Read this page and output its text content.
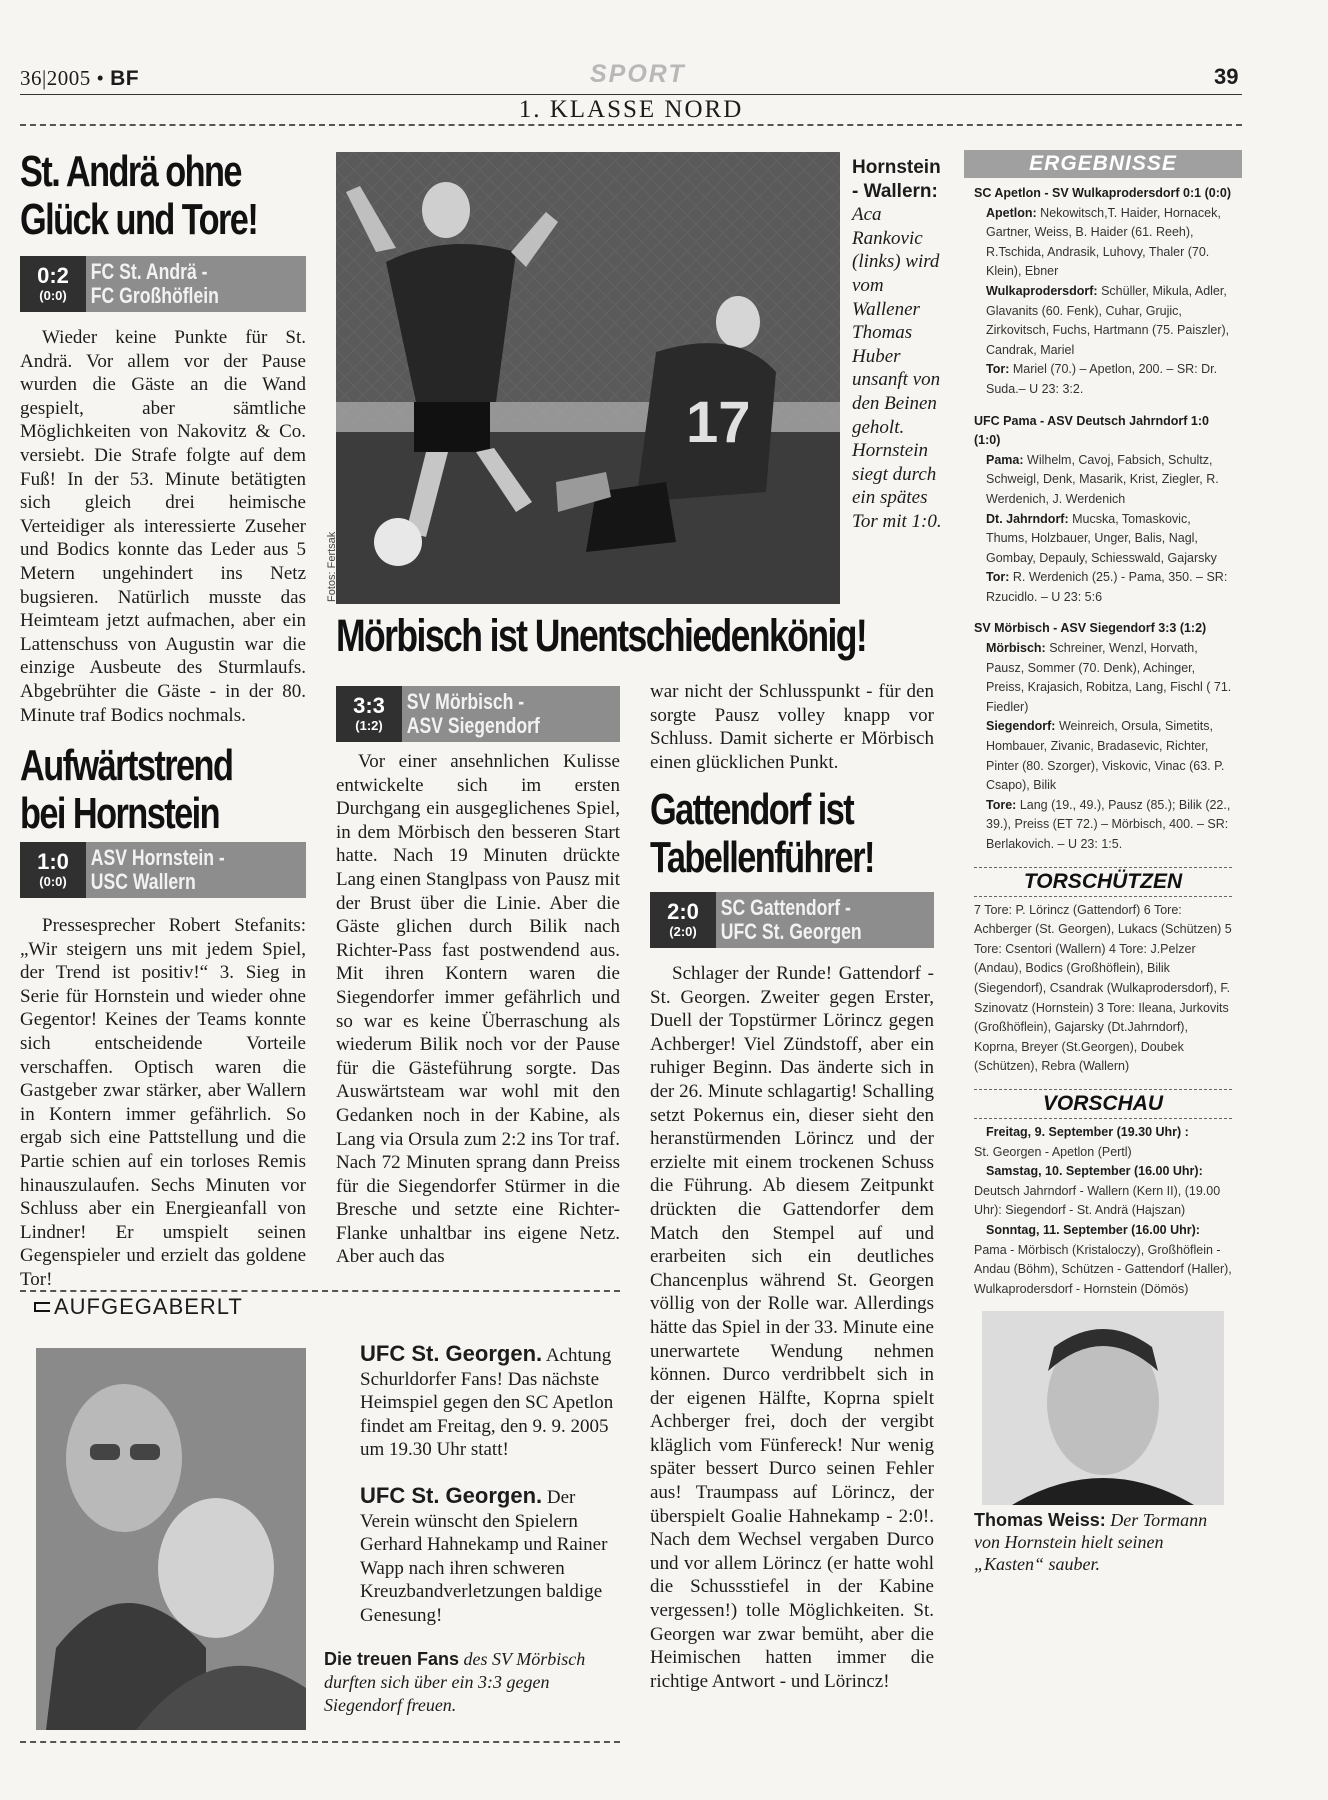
36|2005 • BF	SPORT	39
1. KLASSE NORD
St. Andrä ohne
Glück und Tore!
0:2
(0:0)
FC St. Andrä -
FC Großhöflein
Wieder keine Punkte für St. Andrä. Vor allem vor der Pause wurden die Gäste an die Wand gespielt, aber sämtliche Möglichkeiten von Nakovitz & Co. versiebt. Die Strafe folgte auf dem Fuß! In der 53. Minute betätigten sich gleich drei heimische Verteidiger als interessierte Zuseher und Bodics konnte das Leder aus 5 Metern ungehindert ins Netz bugsieren. Natürlich musste das Heimteam jetzt aufmachen, aber ein Lattenschuss von Augustin war die einzige Ausbeute des Sturmlaufs. Abgebrühter die Gäste - in der 80. Minute traf Bodics nochmals.
Aufwärtstrend
bei Hornstein
1:0
(0:0)
ASV Hornstein -
USC Wallern
Pressesprecher Robert Stefanits: „Wir steigern uns mit jedem Spiel, der Trend ist positiv!“ 3. Sieg in Serie für Hornstein und wieder ohne Gegentor! Keines der Teams konnte sich entscheidende Vorteile verschaffen. Optisch waren die Gastgeber zwar stärker, aber Wallern in Kontern immer gefährlich. So ergab sich eine Pattstellung und die Partie schien auf ein torloses Remis hinauszulaufen. Sechs Minuten vor Schluss aber ein Energieanfall von Lindner! Er umspielt seinen Gegenspieler und erzielt das goldene Tor!
17
Fotos: Fertsak
Hornstein - Wallern: Aca Rankovic (links) wird vom Wallener Thomas Huber unsanft von den Beinen geholt. Hornstein siegt durch ein spätes Tor mit 1:0.
Mörbisch ist Unentschiedenkönig!
3:3
(1:2)
SV Mörbisch -
ASV Siegendorf
Vor einer ansehnlichen Kulisse entwickelte sich im ersten Durchgang ein ausgeglichenes Spiel, in dem Mörbisch den besseren Start hatte. Nach 19 Minuten drückte Lang einen Stanglpass von Pausz mit der Brust über die Linie. Aber die Gäste glichen durch Bilik nach Richter-Pass fast postwendend aus. Mit ihren Kontern waren die Siegendorfer immer gefährlich und so war es keine Überraschung als wiederum Bilik noch vor der Pause für die Gästeführung sorgte. Das Auswärtsteam war wohl mit den Gedanken noch in der Kabine, als Lang via Orsula zum 2:2 ins Tor traf. Nach 72 Minuten sprang dann Preiss für die Siegendorfer Stürmer in die Bresche und setzte eine Richter-Flanke unhaltbar ins eigene Netz. Aber auch das
war nicht der Schlusspunkt - für den sorgte Pausz volley knapp vor Schluss. Damit sicherte er Mörbisch einen glücklichen Punkt.
Gattendorf ist
Tabellenführer!
2:0
(2:0)
SC Gattendorf -
UFC St. Georgen
Schlager der Runde! Gattendorf - St. Georgen. Zweiter gegen Erster, Duell der Topstürmer Lörincz gegen Achberger! Viel Zündstoff, aber ein ruhiger Beginn. Das änderte sich in der 26. Minute schlagartig! Schalling setzt Pokernus ein, dieser sieht den heranstürmenden Lörincz und der erzielte mit einem trockenen Schuss die Führung. Ab diesem Zeitpunkt drückten die Gattendorfer dem Match den Stempel auf und erarbeiten sich ein deutliches Chancenplus während St. Georgen völlig von der Rolle war. Allerdings hätte das Spiel in der 33. Minute eine unerwartete Wendung nehmen können. Durco verdribbelt sich in der eigenen Hälfte, Koprna spielt Achberger frei, doch der vergibt kläglich vom Fünfereck! Nur wenig später bessert Durco seinen Fehler aus! Traumpass auf Lörincz, der überspielt Goalie Hahnekamp - 2:0!. Nach dem Wechsel vergaben Durco und vor allem Lörincz (er hatte wohl die Schussstiefel in der Kabine vergessen!) tolle Möglichkeiten. St. Georgen war zwar bemüht, aber die Heimischen hatten immer die richtige Antwort - und Lörincz!
AUFGEGABERLT
UFC St. Georgen. Achtung Schurldorfer Fans! Das nächste Heimspiel gegen den SC Apetlon findet am Freitag, den 9. 9. 2005 um 19.30 Uhr statt!
UFC St. Georgen. Der Verein wünscht den Spielern Gerhard Hahnekamp und Rainer Wapp nach ihren schweren Kreuzbandverletzungen baldige Genesung!
Die treuen Fans des SV Mörbisch durften sich über ein 3:3 gegen Siegendorf freuen.
ERGEBNISSE

SC Apetlon - SV Wulkaprodersdorf 0:1 (0:0)

Apetlon: Nekowitsch,T. Haider, Hornacek, Gartner, Weiss, B. Haider (61. Reeh), R.Tschida, Andrasik, Luhovy, Thaler (70. Klein), Ebner

Wulkaprodersdorf: Schüller, Mikula, Adler, Glavanits (60. Fenk), Cuhar, Grujic, Zirkovitsch, Fuchs, Hartmann (75. Paiszler), Candrak, Mariel

Tor: Mariel (70.) – Apetlon, 200. – SR: Dr. Suda.– U 23: 3:2.

UFC Pama - ASV Deutsch Jahrndorf 1:0 (1:0)

Pama: Wilhelm, Cavoj, Fabsich, Schultz, Schweigl, Denk, Masarik, Krist, Ziegler, R. Werdenich, J. Werdenich

Dt. Jahrndorf: Mucska, Tomaskovic, Thums, Holzbauer, Unger, Balis, Nagl, Gombay, Depauly, Schiesswald, Gajarsky

Tor: R. Werdenich (25.) - Pama, 350. – SR: Rzucidlo. – U 23: 5:6

SV Mörbisch - ASV Siegendorf 3:3 (1:2)

Mörbisch: Schreiner, Wenzl, Horvath, Pausz, Sommer (70. Denk), Achinger, Preiss, Krajasich, Robitza, Lang, Fischl ( 71. Fiedler)

Siegendorf: Weinreich, Orsula, Simetits, Hombauer, Zivanic, Bradasevic, Richter, Pinter (80. Szorger), Viskovic, Vinac (63. P. Csapo), Bilik

Tore: Lang (19., 49.), Pausz (85.); Bilik (22., 39.), Preiss (ET 72.) – Mörbisch, 400. – SR: Berlakovich. – U 23: 1:5.

TORSCHÜTZEN
7 Tore: P. Lörincz (Gattendorf) 6 Tore: Achberger (St. Georgen), Lukacs (Schützen) 5 Tore: Csentori (Wallern) 4 Tore: J.Pelzer (Andau), Bodics (Großhöflein), Bilik (Siegendorf), Csandrak (Wulkaprodersdorf), F. Szinovatz (Hornstein) 3 Tore: Ileana, Jurkovits (Großhöflein), Gajarsky (Dt.Jahrndorf), Koprna, Breyer (St.Georgen), Doubek (Schützen), Rebra (Wallern)
VORSCHAU

Freitag, 9. September (19.30 Uhr) :
St. Georgen - Apetlon (Pertl)

Samstag, 10. September (16.00 Uhr):
Deutsch Jahrndorf - Wallern (Kern II), (19.00 Uhr): Siegendorf - St. Andrä (Hajszan)

Sonntag, 11. September (16.00 Uhr):
Pama - Mörbisch (Kristaloczy), Großhöflein - Andau (Böhm), Schützen - Gattendorf (Haller), Wulkaprodersdorf - Hornstein (Dömös)

Thomas Weiss: Der Tormann von Hornstein hielt seinen „Kasten“ sauber.
